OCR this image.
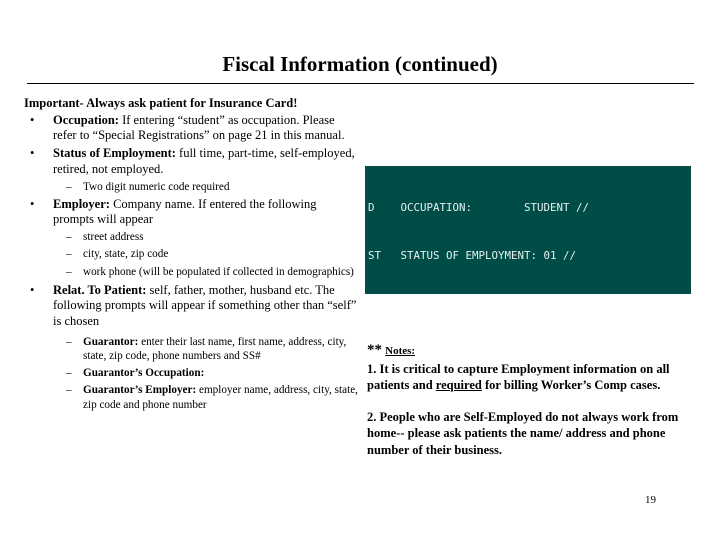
Fiscal Information (continued)
Important- Always ask patient for Insurance Card!
• Occupation: If entering “student” as occupation. Please refer to “Special Registrations” on page 21 in this manual.
• Status of Employment: full time, part-time, self-employed, retired, not employed.
– Two digit numeric code required
• Employer: Company name. If entered the following prompts will appear
– street address
– city, state, zip code
– work phone (will be populated if collected in demographics)
• Relat. To Patient: self, father, mother, husband etc. The following prompts will appear if something other than “self” is chosen
– Guarantor: enter their last name, first name, address, city, state, zip code, phone numbers and SS#
– Guarantor’s Occupation:
– Guarantor’s Employer: employer name, address, city, state, zip code and phone number

D    OCCUPATION:        STUDENT //

ST   STATUS OF EMPLOYMENT: 01 //

** Notes:

1. It is critical to capture Employment information on all patients and required for billing Worker’s Comp cases.

2. People who are Self-Employed do not always work from home-- please ask patients the name/ address and phone number of their business.

19
